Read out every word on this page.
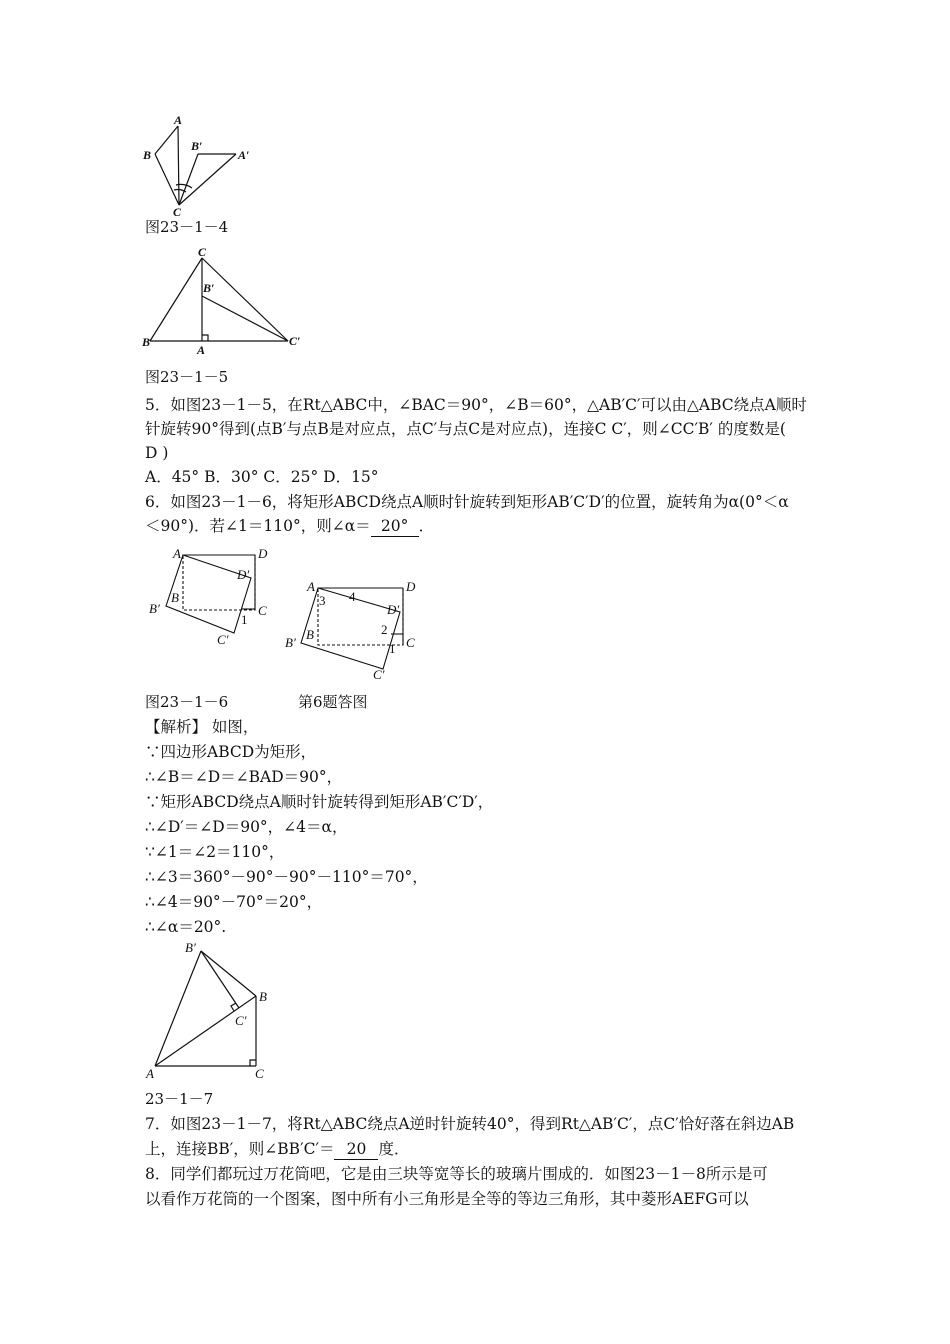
A
B
B′
A′
C
图23－1－4
C
B′
B
A
C′
图23－1－5
5．如图23－1－5，在Rt△ABC中，∠BAC＝90°，∠B＝60°，△AB′C′可以由△ABC绕点A顺时
针旋转90°得到(点B′与点B是对应点，点C′与点C是对应点)，连接C C′，则∠CC′B′ 的度数是(
D )
A．45° B．30° C．25° D．15°
6．如图23－1－6，将矩形ABCD绕点A顺时针旋转到矩形AB′C′D′的位置，旋转角为α(0°＜α
＜90°)．若∠1＝110°，则∠α＝ 20° ．
A	D
D′
B
B′	C
1
C′
A	D
3 4
D′
B
B′
2
C
1
C′
图23－1－6	第6题答图
【解析】 如图，
∵四边形ABCD为矩形，
∴∠B＝∠D＝∠BAD＝90°，
∵矩形ABCD绕点A顺时针旋转得到矩形AB′C′D′，
∴∠D′＝∠D＝90°，∠4＝α，
∵∠1＝∠2＝110°，
∴∠3＝360°－90°－90°－110°＝70°，
∴∠4＝90°－70°＝20°，
∴∠α＝20°.
B′
B
C′
A	C
23－1－7
7．如图23－1－7，将Rt△ABC绕点A逆时针旋转40°，得到Rt△AB′C′，点C′恰好落在斜边AB
上，连接BB′，则∠BB′C′＝ 20 度．
8．同学们都玩过万花筒吧，它是由三块等宽等长的玻璃片围成的．如图23－1－8所示是可
以看作万花筒的一个图案，图中所有小三角形是全等的等边三角形，其中菱形AEFG可以
